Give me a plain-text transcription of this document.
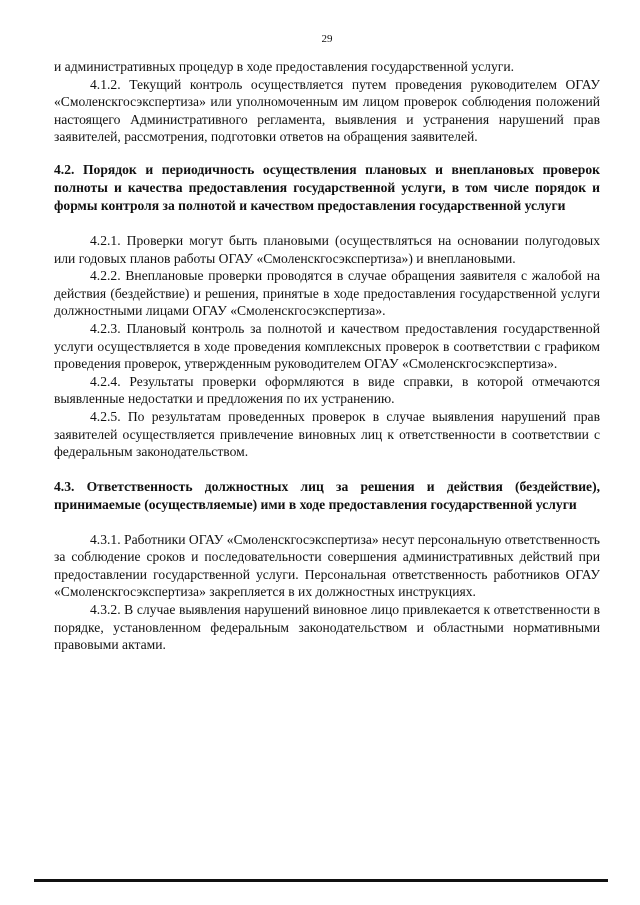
29

и административных процедур в ходе предоставления государственной услуги.

4.1.2. Текущий контроль осуществляется путем проведения руководителем ОГАУ «Смоленскгосэкспертиза» или уполномоченным им лицом проверок соблюдения положений настоящего Административного регламента, выявления и устранения нарушений прав заявителей, рассмотрения, подготовки ответов на обращения заявителей.

4.2. Порядок и периодичность осуществления плановых и внеплановых проверок полноты и качества предоставления государственной услуги, в том числе порядок и формы контроля за полнотой и качеством предоставления государственной услуги

4.2.1. Проверки могут быть плановыми (осуществляться на основании полугодовых или годовых планов работы ОГАУ «Смоленскгосэкспертиза») и внеплановыми.

4.2.2. Внеплановые проверки проводятся в случае обращения заявителя с жалобой на действия (бездействие) и решения, принятые в ходе предоставления государственной услуги должностными лицами ОГАУ «Смоленскгосэкспертиза».

4.2.3. Плановый контроль за полнотой и качеством предоставления государственной услуги осуществляется в ходе проведения комплексных проверок в соответствии с графиком проведения проверок, утвержденным руководителем ОГАУ «Смоленскгосэкспертиза».

4.2.4. Результаты проверки оформляются в виде справки, в которой отмечаются выявленные недостатки и предложения по их устранению.

4.2.5. По результатам проведенных проверок в случае выявления нарушений прав заявителей осуществляется привлечение виновных лиц к ответственности в соответствии с федеральным законодательством.

4.3. Ответственность должностных лиц за решения и действия (бездействие), принимаемые (осуществляемые) ими в ходе предоставления государственной услуги

4.3.1. Работники ОГАУ «Смоленскгосэкспертиза» несут персональную ответственность за соблюдение сроков и последовательности совершения административных действий при предоставлении государственной услуги. Персональная ответственность работников ОГАУ «Смоленскгосэкспертиза» закрепляется в их должностных инструкциях.

4.3.2. В случае выявления нарушений виновное лицо привлекается к ответственности в порядке, установленном федеральным законодательством и областными нормативными правовыми актами.
